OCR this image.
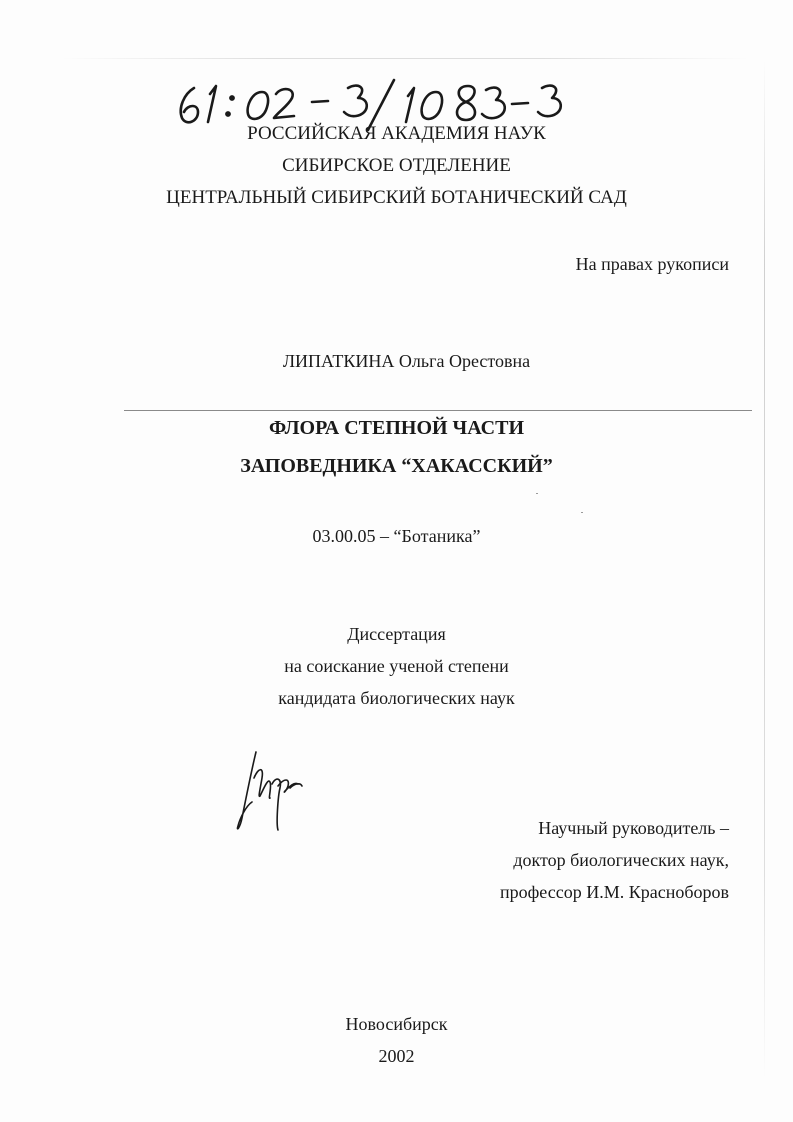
РОССИЙСКАЯ АКАДЕМИЯ НАУК
СИБИРСКОЕ ОТДЕЛЕНИЕ
ЦЕНТРАЛЬНЫЙ СИБИРСКИЙ БОТАНИЧЕСКИЙ САД
На правах рукописи
ЛИПАТКИНА Ольга Орестовна
ФЛОРА СТЕПНОЙ ЧАСТИ
ЗАПОВЕДНИКА “ХАКАССКИЙ”
03.00.05 – “Ботаника”
Диссертация
на соискание ученой степени
кандидата биологических наук
Научный руководитель –
доктор биологических наук,
профессор И.М. Красноборов
Новосибирск
2002
